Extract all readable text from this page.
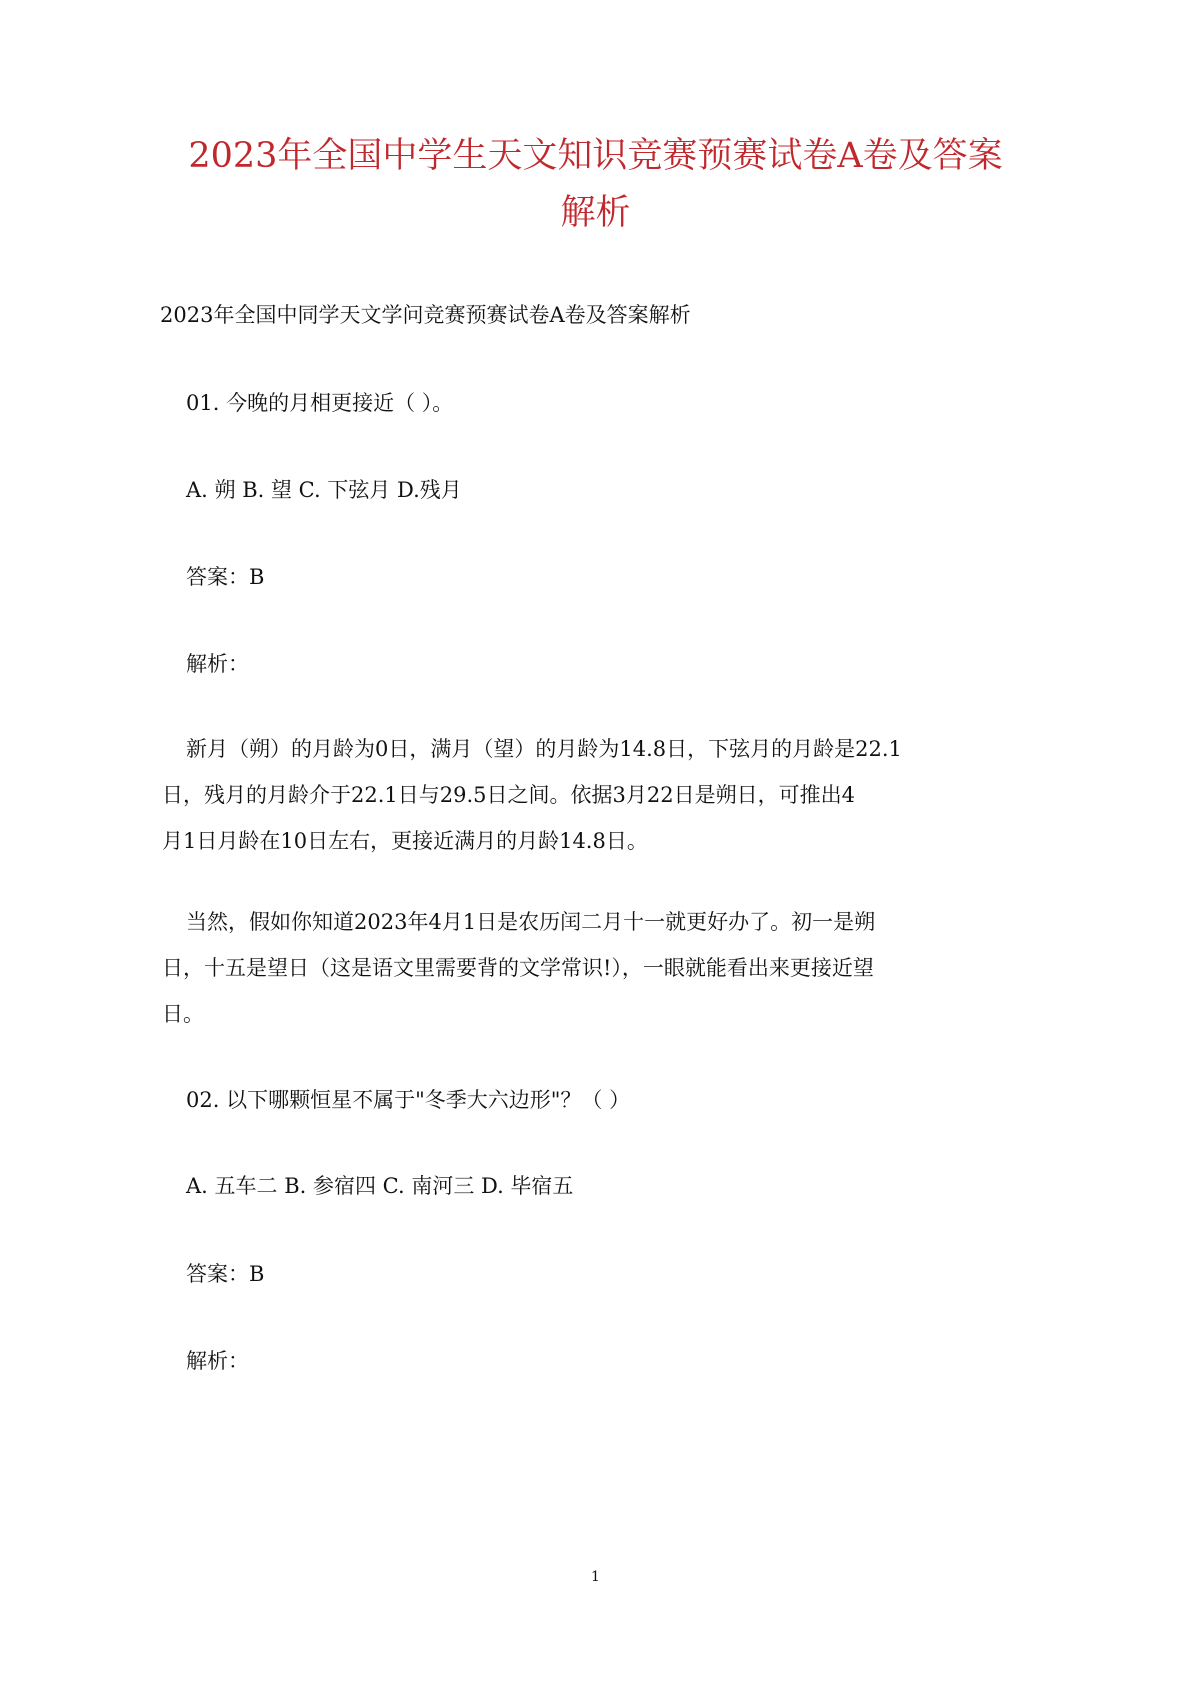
2023年全国中学生天文知识竞赛预赛试卷A卷及答案
解析

2023年全国中同学天文学问竞赛预赛试卷A卷及答案解析

01. 今晚的月相更接近（ ）。

A. 朔 B. 望 C. 下弦月 D.残月

答案：B

解析：

新月（朔）的月龄为0日，满月（望）的月龄为14.8日，下弦月的月龄是22.1
日，残月的月龄介于22.1日与29.5日之间。依据3月22日是朔日，可推出4
月1日月龄在10日左右，更接近满月的月龄14.8日。
当然，假如你知道2023年4月1日是农历闰二月十一就更好办了。初一是朔
日，十五是望日（这是语文里需要背的文学常识!），一眼就能看出来更接近望
日。

02. 以下哪颗恒星不属于"冬季大六边形"？（ ）

A. 五车二 B. 参宿四 C. 南河三 D. 毕宿五

答案：B

解析：

1
